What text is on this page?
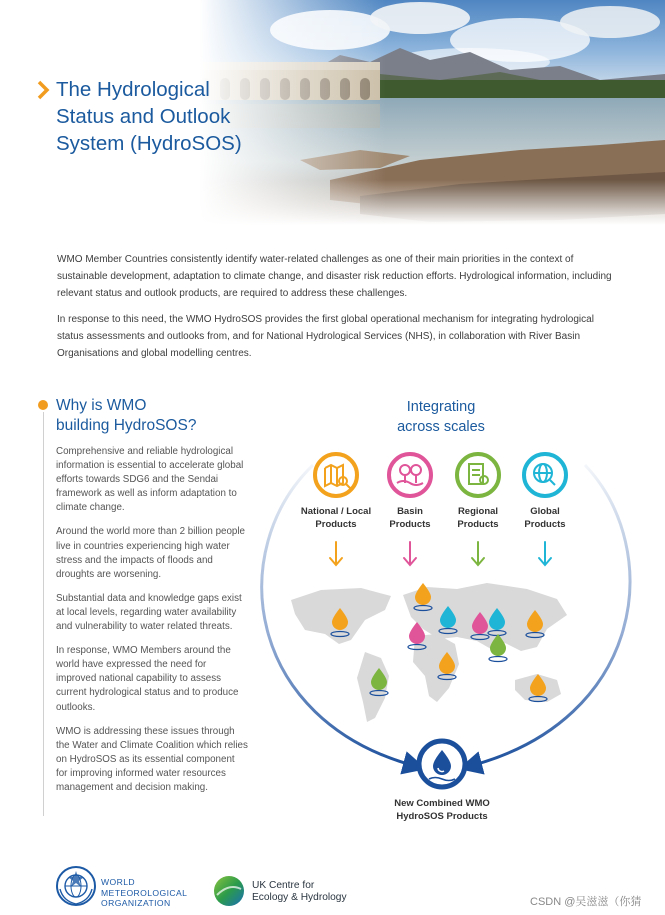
The Hydrological
Status and Outlook
System (HydroSOS)

WMO Member Countries consistently identify water-related challenges as one of their main priorities in the context of sustainable development, adaptation to climate change, and disaster risk reduction efforts. Hydrological information, including relevant status and outlook products, are required to address these challenges.

In response to this need, the WMO HydroSOS provides the first global operational mechanism for integrating hydrological status assessments and outlooks from, and for National Hydrological Services (NHS), in collaboration with River Basin Organisations and global modelling centres.

Why is WMO
building HydroSOS?

Comprehensive and reliable hydrological information is essential to accelerate global efforts towards SDG6 and the Sendai framework as well as inform adaptation to climate change.

Around the world more than 2 billion people live in countries experiencing high water stress and the impacts of floods and droughts are worsening.

Substantial data and knowledge gaps exist at local levels, regarding water availability and vulnerability to water related threats.

In response, WMO Members around the world have expressed the need for improved national capability to assess current hydrological status and to produce outlooks.

WMO is addressing these issues through the Water and Climate Coalition which relies on HydroSOS as its essential component for improving informed water resources management and decision making.

Integrating
across scales
National / Local
Products
Basin
Products
Regional
Products
Global
Products
New Combined WMO
HydroSOS Products
WORLD
METEOROLOGICAL
ORGANIZATION
UK Centre for
Ecology & Hydrology	CSDN @吴滋滋（你猜
